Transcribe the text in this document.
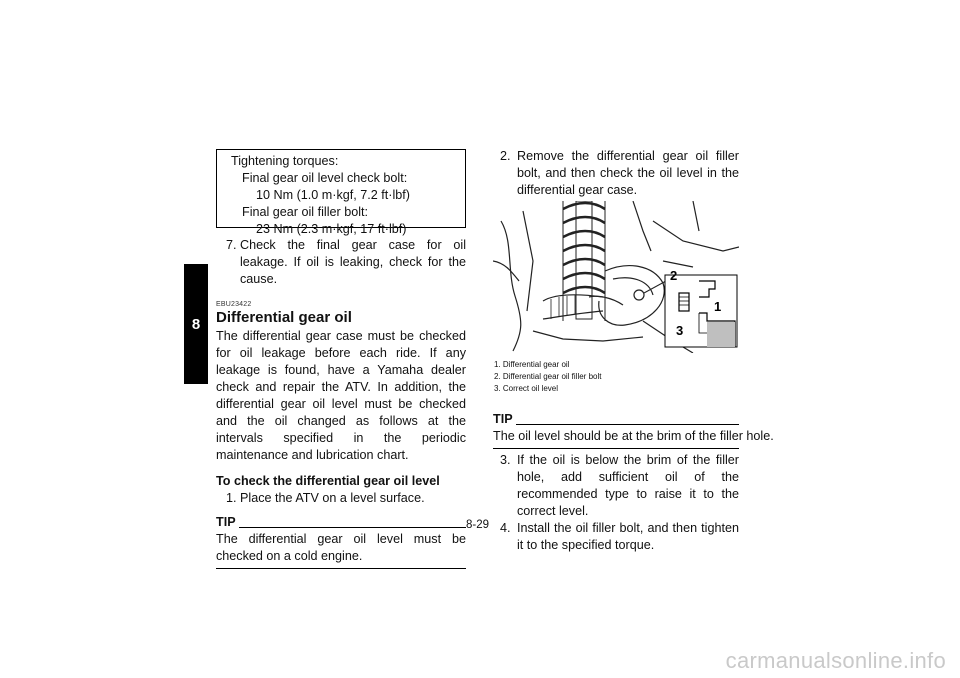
8
Tightening torques:
Final gear oil level check bolt:
10 Nm (1.0 m·kgf, 7.2 ft·lbf)
Final gear oil filler bolt:
23 Nm (2.3 m·kgf, 17 ft·lbf)
7. Check the final gear case for oil leakage. If oil is leaking, check for the cause.
EBU23422
Differential gear oil
The differential gear case must be checked for oil leakage before each ride. If any leakage is found, have a Yamaha dealer check and repair the ATV. In addition, the differential gear oil level must be checked and the oil changed as follows at the intervals specified in the periodic maintenance and lubrication chart.
To check the differential gear oil level
1. Place the ATV on a level surface.
TIP
The differential gear oil level must be checked on a cold engine.
2. Remove the differential gear oil filler bolt, and then check the oil level in the differential gear case.
1
2
3
1. Differential gear oil
2. Differential gear oil filler bolt
3. Correct oil level
TIP
The oil level should be at the brim of the filler hole.
3. If the oil is below the brim of the filler hole, add sufficient oil of the recommended type to raise it to the correct level.
4. Install the oil filler bolt, and then tighten it to the specified torque.
8-29
carmanualsonline.info
